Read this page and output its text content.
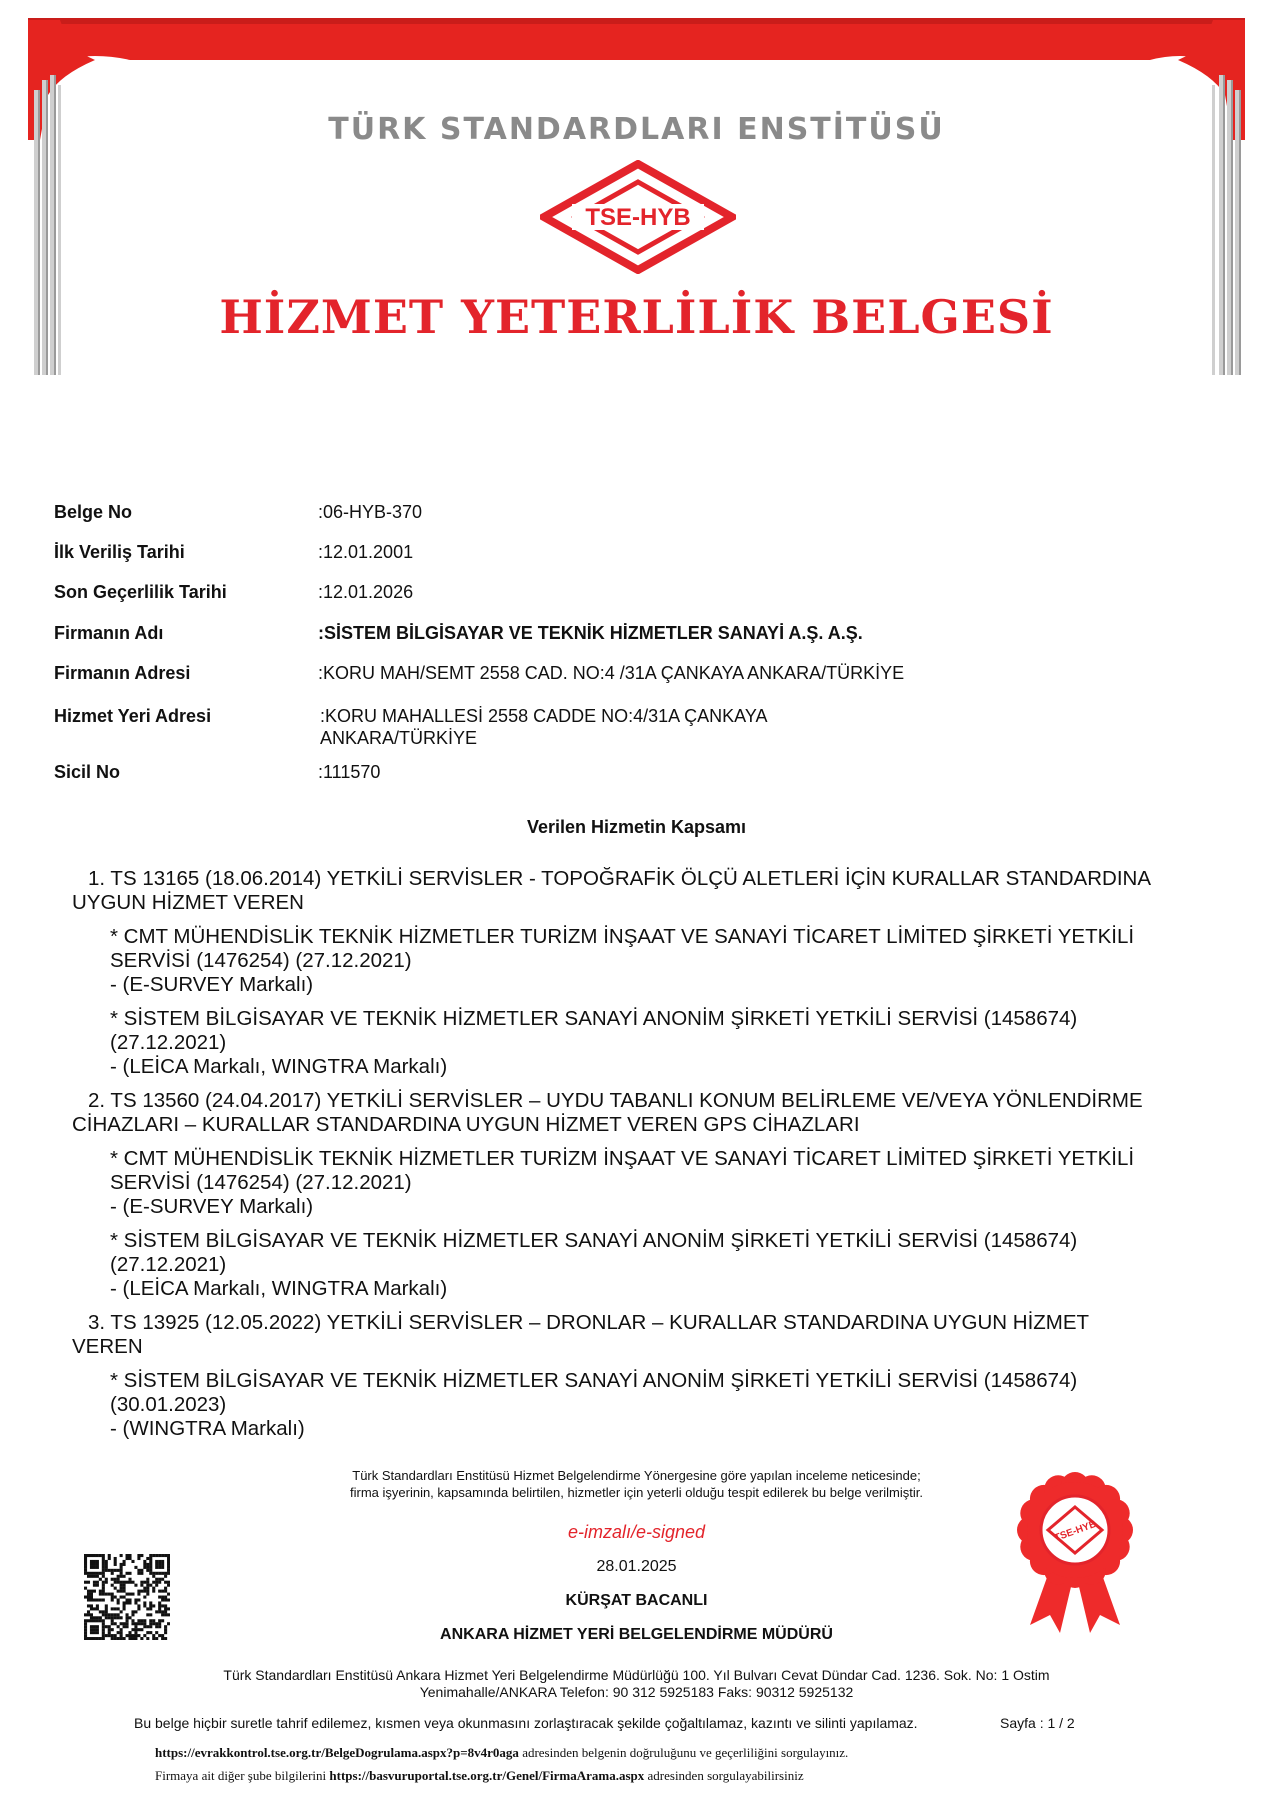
TÜRK STANDARDLARI ENSTİTÜSÜ
TSE-HYB
HİZMET YETERLİLİK BELGESİ
Belge No	:06-HYB-370
İlk Veriliş Tarihi	:12.01.2001
Son Geçerlilik Tarihi	:12.01.2026
Firmanın Adı	:SİSTEM BİLGİSAYAR VE TEKNİK HİZMETLER SANAYİ A.Ş. A.Ş.
Firmanın Adresi	:KORU MAH/SEMT 2558 CAD. NO:4 /31A ÇANKAYA ANKARA/TÜRKİYE
Hizmet Yeri Adresi	:KORU MAHALLESİ 2558 CADDE NO:4/31A ÇANKAYA ANKARA/TÜRKİYE
Sicil No	:111570
Verilen Hizmetin Kapsamı
1. TS 13165 (18.06.2014) YETKİLİ SERVİSLER - TOPOĞRAFİK ÖLÇÜ ALETLERİ İÇİN KURALLAR STANDARDINA UYGUN HİZMET VEREN
* CMT MÜHENDİSLİK TEKNİK HİZMETLER TURİZM İNŞAAT VE SANAYİ TİCARET LİMİTED ŞİRKETİ YETKİLİ SERVİSİ (1476254) (27.12.2021)
- (E-SURVEY Markalı)
* SİSTEM BİLGİSAYAR VE TEKNİK HİZMETLER SANAYİ ANONİM ŞİRKETİ YETKİLİ SERVİSİ (1458674) (27.12.2021)
- (LEİCA Markalı, WINGTRA Markalı)
2. TS 13560 (24.04.2017) YETKİLİ SERVİSLER – UYDU TABANLI KONUM BELİRLEME VE/VEYA YÖNLENDİRME CİHAZLARI – KURALLAR STANDARDINA UYGUN HİZMET VEREN GPS CİHAZLARI
* CMT MÜHENDİSLİK TEKNİK HİZMETLER TURİZM İNŞAAT VE SANAYİ TİCARET LİMİTED ŞİRKETİ YETKİLİ SERVİSİ (1476254) (27.12.2021)
- (E-SURVEY Markalı)
* SİSTEM BİLGİSAYAR VE TEKNİK HİZMETLER SANAYİ ANONİM ŞİRKETİ YETKİLİ SERVİSİ (1458674) (27.12.2021)
- (LEİCA Markalı, WINGTRA Markalı)
3. TS 13925 (12.05.2022) YETKİLİ SERVİSLER – DRONLAR – KURALLAR STANDARDINA UYGUN HİZMET VEREN
* SİSTEM BİLGİSAYAR VE TEKNİK HİZMETLER SANAYİ ANONİM ŞİRKETİ YETKİLİ SERVİSİ (1458674) (30.01.2023)
- (WINGTRA Markalı)
Türk Standardları Enstitüsü Hizmet Belgelendirme Yönergesine göre yapılan inceleme neticesinde;
firma işyerinin, kapsamında belirtilen, hizmetler için yeterli olduğu tespit edilerek bu belge verilmiştir.
e-imzalı/e-signed
28.01.2025
KÜRŞAT BACANLI
ANKARA HİZMET YERİ BELGELENDİRME MÜDÜRÜ
TSE-HYB
Türk Standardları Enstitüsü Ankara Hizmet Yeri Belgelendirme Müdürlüğü 100. Yıl Bulvarı Cevat Dündar Cad. 1236. Sok. No: 1 Ostim
Yenimahalle/ANKARA Telefon: 90 312 5925183 Faks: 90312 5925132
Bu belge hiçbir suretle tahrif edilemez, kısmen veya okunmasını zorlaştıracak şekilde çoğaltılamaz, kazıntı ve silinti yapılamaz.	Sayfa : 1 / 2
https://evrakkontrol.tse.org.tr/BelgeDogrulama.aspx?p=8v4r0aga adresinden belgenin doğruluğunu ve geçerliliğini sorgulayınız.
Firmaya ait diğer şube bilgilerini https://basvuruportal.tse.org.tr/Genel/FirmaArama.aspx adresinden sorgulayabilirsiniz
